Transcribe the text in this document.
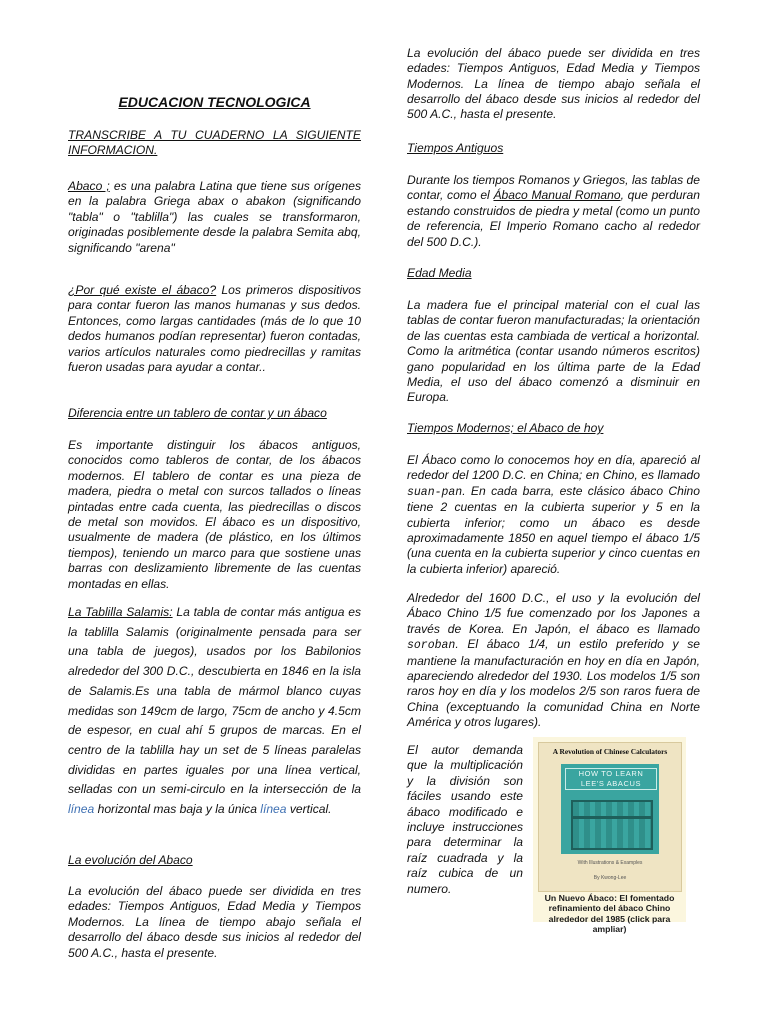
EDUCACION TECNOLOGICA

TRANSCRIBE A TU CUADERNO LA SIGUIENTE INFORMACION.

Abaco ; es una palabra Latina que tiene sus orígenes en la palabra Griega abax o abakon (significando "tabla" o "tablilla") las cuales se transformaron, originadas posiblemente desde la palabra Semita abq, significando "arena"

¿Por qué existe el ábaco? Los primeros dispositivos para contar fueron las manos humanas y sus dedos. Entonces, como largas cantidades (más de lo que 10 dedos humanos podían representar) fueron contadas, varios artículos naturales como piedrecillas y ramitas fueron usadas para ayudar a contar..

Diferencia entre un tablero de contar y un ábaco

Es importante distinguir los ábacos antiguos, conocidos como tableros de contar, de los ábacos modernos. El tablero de contar es una pieza de madera, piedra o metal con surcos tallados o líneas pintadas entre cada cuenta, las piedrecillas o discos de metal son movidos. El ábaco es un dispositivo, usualmente de madera (de plástico, en los últimos tiempos), teniendo un marco para que sostiene unas barras con deslizamiento libremente de las cuentas montadas en ellas.

La Tablilla Salamis: La tabla de contar más antigua es la tablilla Salamis (originalmente pensada para ser una tabla de juegos), usados por los Babilonios alrededor del 300 D.C., descubierta en 1846 en la isla de Salamis.Es una tabla de mármol blanco cuyas medidas son 149cm de largo, 75cm de ancho y 4.5cm de espesor, en cual ahí 5 grupos de marcas. En el centro de la tablilla hay un set de 5 líneas paralelas divididas en partes iguales por una línea vertical, selladas con un semi-circulo en la intersección de la línea horizontal mas baja y la única línea vertical.

La evolución del Abaco

La evolución del ábaco puede ser dividida en tres edades: Tiempos Antiguos, Edad Media y Tiempos Modernos. La línea de tiempo abajo señala el desarrollo del ábaco desde sus inicios al rededor del 500 A.C., hasta el presente.

Tiempos Antiguos

Durante los tiempos Romanos y Griegos, las tablas de contar, como el Ábaco Manual Romano, que perduran estando construidos de piedra y metal (como un punto de referencia, El Imperio Romano cacho al rededor del 500 D.C.).

Edad Media

La madera fue el principal material con el cual las tablas de contar fueron manufacturadas; la orientación de las cuentas esta cambiada de vertical a horizontal. Como la aritmética (contar usando números escritos) gano popularidad en los última parte de la Edad Media, el uso del ábaco comenzó a disminuir en Europa.

Tiempos Modernos; el Abaco de hoy

El Ábaco como lo conocemos hoy en día, apareció al rededor del 1200 D.C. en China; en Chino, es llamado suan-pan. En cada barra, este clásico ábaco Chino tiene 2 cuentas en la cubierta superior y 5 en la cubierta inferior; como un ábaco es desde aproximadamente 1850 en aquel tiempo el ábaco 1/5 (una cuenta en la cubierta superior y cinco cuentas en la cubierta inferior) apareció.

Alrededor del 1600 D.C., el uso y la evolución del Ábaco Chino 1/5 fue comenzado por los Japones a través de Korea. En Japón, el ábaco es llamado soroban. El ábaco 1/4, un estilo preferido y se mantiene la manufacturación en hoy en día en Japón, apareciendo alrededor del 1930. Los modelos 1/5 son raros hoy en día y los modelos 2/5 son raros fuera de China (exceptuando la comunidad China en Norte América y otros lugares).

El autor demanda que la multiplicación y la división son fáciles usando este ábaco modificado e incluye instrucciones para determinar la raíz cuadrada y la raíz cubica de un numero.

La evolución del ábaco puede ser dividida en tres edades: Tiempos Antiguos, Edad Media y Tiempos Modernos. La línea de tiempo abajo señala el desarrollo del ábaco desde sus inicios al rededor del 500 A.C., hasta el presente.

A Revolution of Chinese Calculators
HOW TO LEARN LEE'S ABACUS
With Illustrations & Examples
By Kwong-Lee
Un Nuevo Ábaco: El fomentado refinamiento del ábaco Chino alrededor del 1985 (click para ampliar)
